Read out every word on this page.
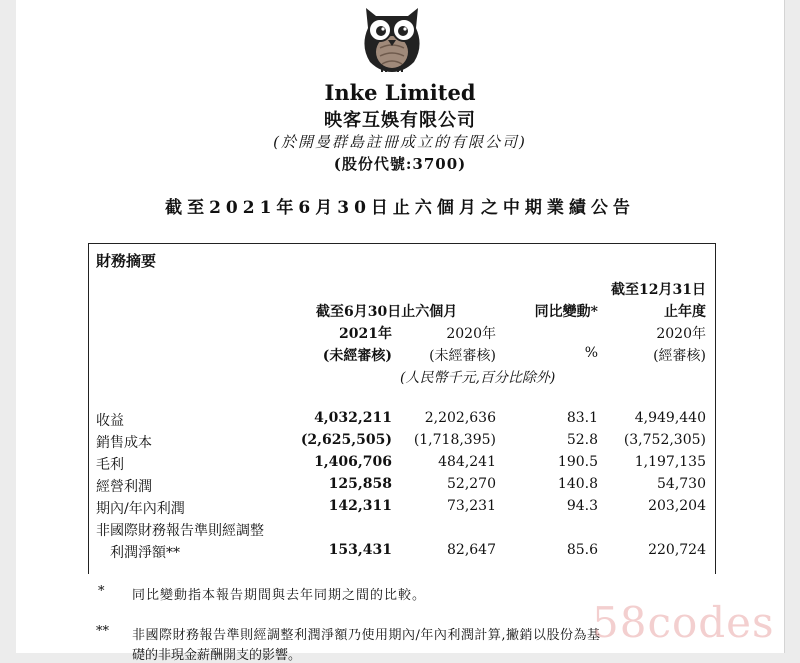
Inke Limited
映客互娛有限公司
(於開曼群島註冊成立的有限公司)
(股份代號:3700)
截至2021年6月30日止六個月之中期業績公告
財務摘要
截至12月31日
截至6月30日止六個月	同比變動*	止年度
2021年	2020年	2020年
(未經審核)	(未經審核)	%	(經審核)
(人民幣千元,百分比除外)
收益	4,032,211	2,202,636	83.1	4,949,440
銷售成本	(2,625,505)	(1,718,395)	52.8	(3,752,305)
毛利	1,406,706	484,241	190.5	1,197,135
經營利潤	125,858	52,270	140.8	54,730
期內/年內利潤	142,311	73,231	94.3	203,204
非國際財務報告準則經調整
利潤淨額**	153,431	82,647	85.6	220,724
* 同比變動指本報告期間與去年同期之間的比較。
** 非國際財務報告準則經調整利潤淨額乃使用期內/年內利潤計算,撇銷以股份為基
礎的非現金薪酬開支的影響。
58codes
